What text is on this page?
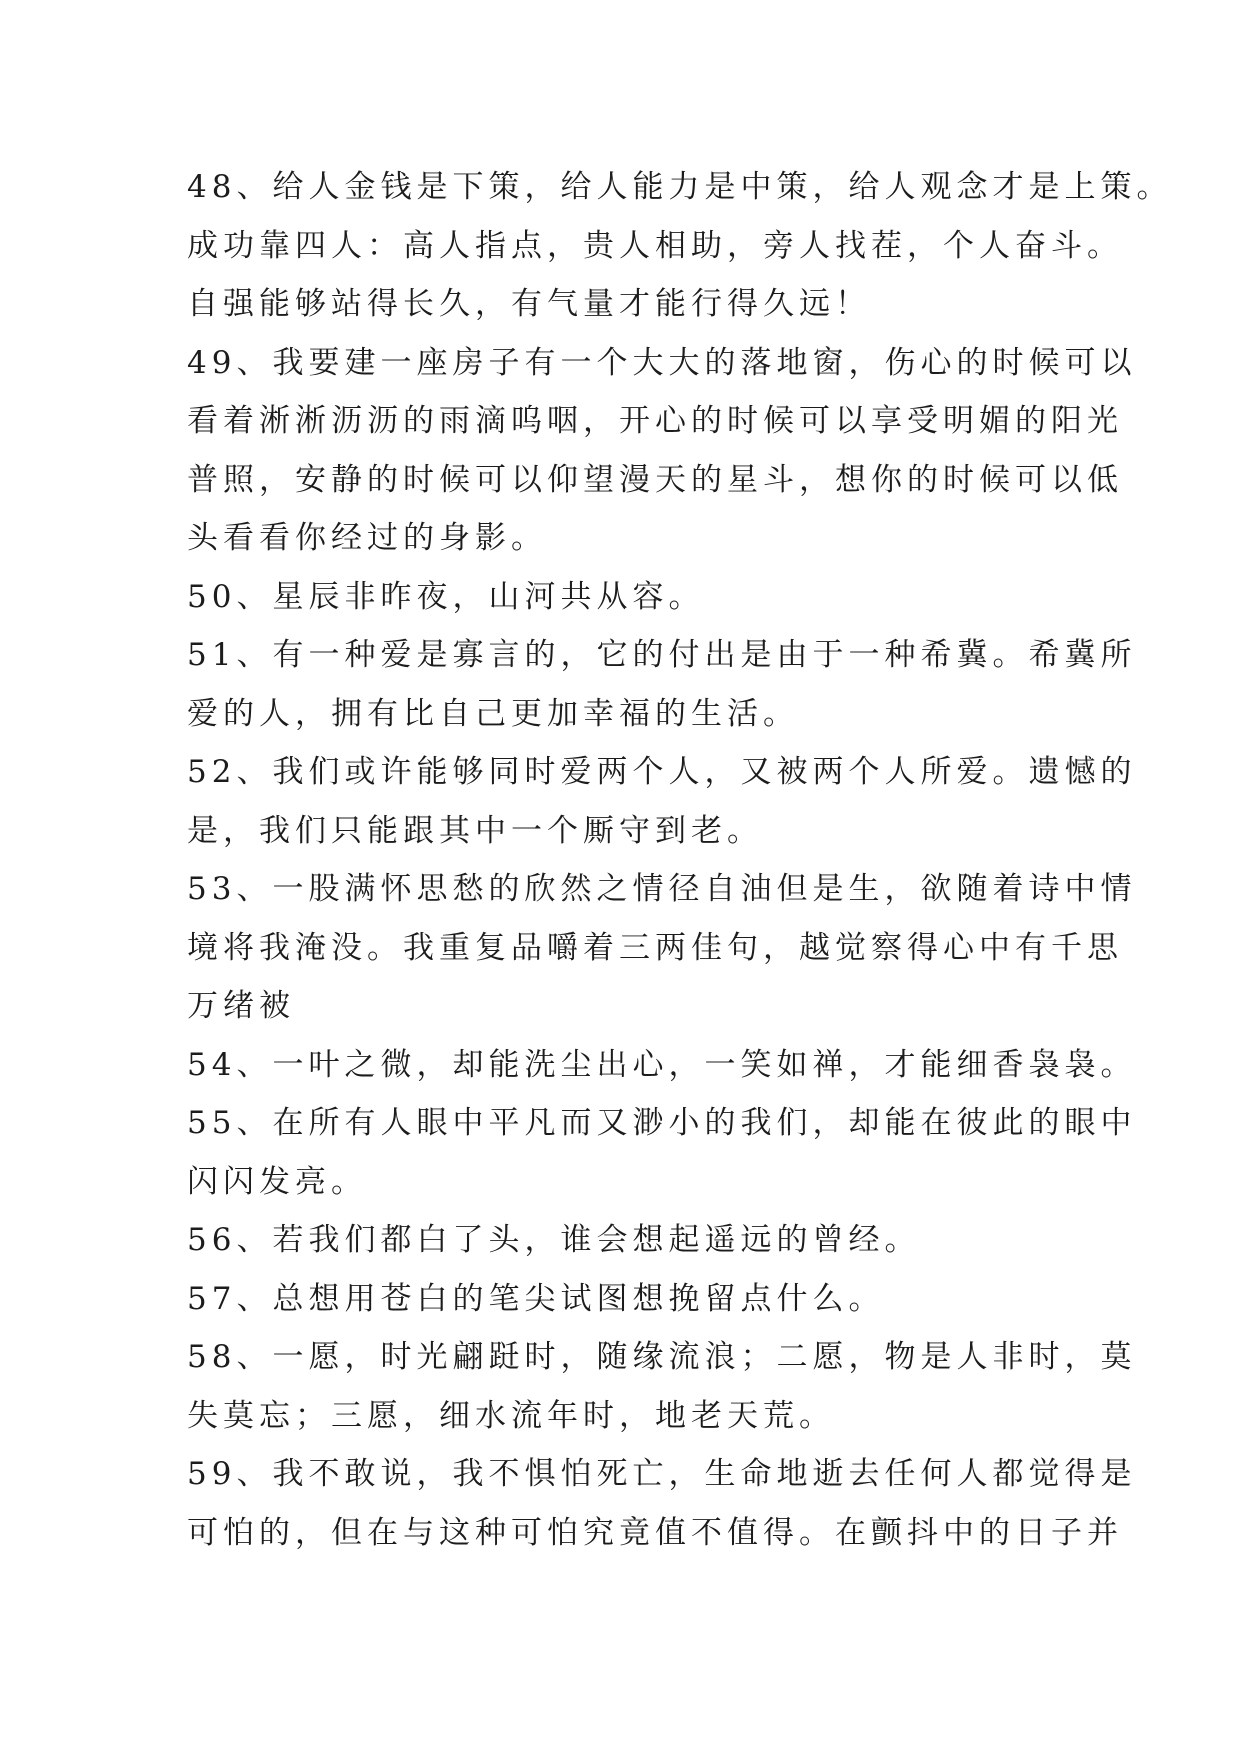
48、给人金钱是下策，给人能力是中策，给人观念才是上策。
成功靠四人：高人指点，贵人相助，旁人找茬，个人奋斗。
自强能够站得长久，有气量才能行得久远！
49、我要建一座房子有一个大大的落地窗，伤心的时候可以
看着淅淅沥沥的雨滴呜咽，开心的时候可以享受明媚的阳光
普照，安静的时候可以仰望漫天的星斗，想你的时候可以低
头看看你经过的身影。
50、星辰非昨夜，山河共从容。
51、有一种爱是寡言的，它的付出是由于一种希冀。希冀所
爱的人，拥有比自己更加幸福的生活。
52、我们或许能够同时爱两个人，又被两个人所爱。遗憾的
是，我们只能跟其中一个厮守到老。
53、一股满怀思愁的欣然之情径自油但是生，欲随着诗中情
境将我淹没。我重复品嚼着三两佳句，越觉察得心中有千思
万绪被
54、一叶之微，却能洗尘出心，一笑如禅，才能细香袅袅。
55、在所有人眼中平凡而又渺小的我们，却能在彼此的眼中
闪闪发亮。
56、若我们都白了头，谁会想起遥远的曾经。
57、总想用苍白的笔尖试图想挽留点什么。
58、一愿，时光翩跹时，随缘流浪；二愿，物是人非时，莫
失莫忘；三愿，细水流年时，地老天荒。
59、我不敢说，我不惧怕死亡，生命地逝去任何人都觉得是
可怕的，但在与这种可怕究竟值不值得。在颤抖中的日子并
